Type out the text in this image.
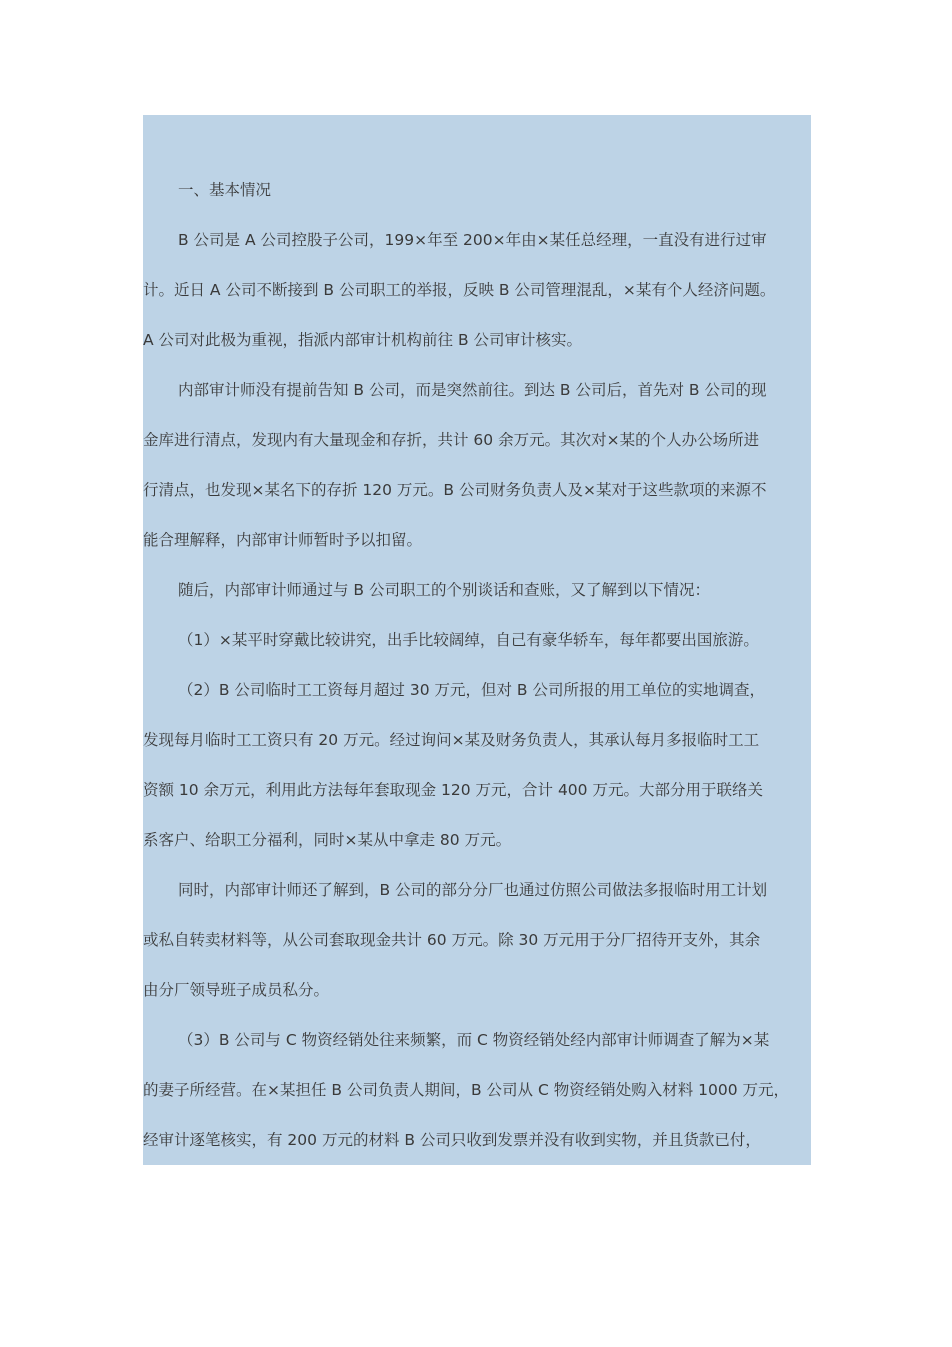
一、基本情况
B 公司是 A 公司控股子公司，199×年至 200×年由×某任总经理，一直没有进行过审
计。近日 A 公司不断接到 B 公司职工的举报，反映 B 公司管理混乱，×某有个人经济问题。
A 公司对此极为重视，指派内部审计机构前往 B 公司审计核实。
内部审计师没有提前告知 B 公司，而是突然前往。到达 B 公司后，首先对 B 公司的现
金库进行清点，发现内有大量现金和存折，共计 60 余万元。其次对×某的个人办公场所进
行清点，也发现×某名下的存折 120 万元。B 公司财务负责人及×某对于这些款项的来源不
能合理解释，内部审计师暂时予以扣留。
随后，内部审计师通过与 B 公司职工的个别谈话和查账，又了解到以下情况：
（1）×某平时穿戴比较讲究，出手比较阔绰，自己有豪华轿车，每年都要出国旅游。
（2）B 公司临时工工资每月超过 30 万元，但对 B 公司所报的用工单位的实地调查，
发现每月临时工工资只有 20 万元。经过询问×某及财务负责人，其承认每月多报临时工工
资额 10 余万元，利用此方法每年套取现金 120 万元，合计 400 万元。大部分用于联络关
系客户、给职工分福利，同时×某从中拿走 80 万元。
同时，内部审计师还了解到，B 公司的部分分厂也通过仿照公司做法多报临时用工计划
或私自转卖材料等，从公司套取现金共计 60 万元。除 30 万元用于分厂招待开支外，其余
由分厂领导班子成员私分。
（3）B 公司与 C 物资经销处往来频繁，而 C 物资经销处经内部审计师调查了解为×某
的妻子所经营。在×某担任 B 公司负责人期间，B 公司从 C 物资经销处购入材料 1000 万元，
经审计逐笔核实，有 200 万元的材料 B 公司只收到发票并没有收到实物，并且货款已付，
